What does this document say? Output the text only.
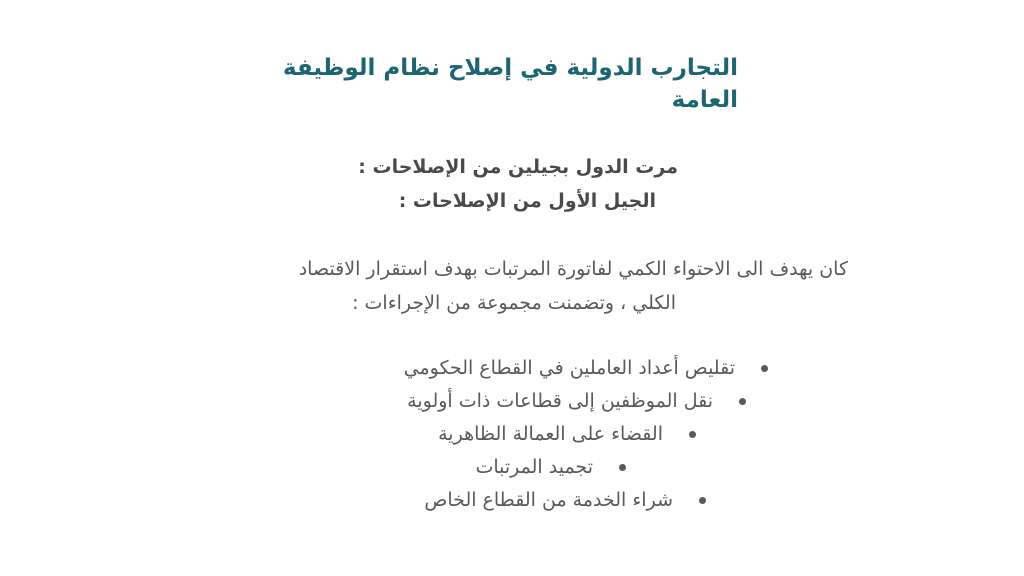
التجارب الدولية في إصلاح نظام الوظيفة
العامة
مرت الدول بجيلين من الإصلاحات :
الجيل الأول من الإصلاحات :
كان يهدف الى الاحتواء الكمي لفاتورة المرتبات بهدف استقرار الاقتصاد
الكلي ، وتضمنت مجموعة من الإجراءات :
تقليص أعداد العاملين في القطاع الحكومي
نقل الموظفين إلى قطاعات ذات أولوية
القضاء على العمالة الظاهرية
تجميد المرتبات
شراء الخدمة من القطاع الخاص
